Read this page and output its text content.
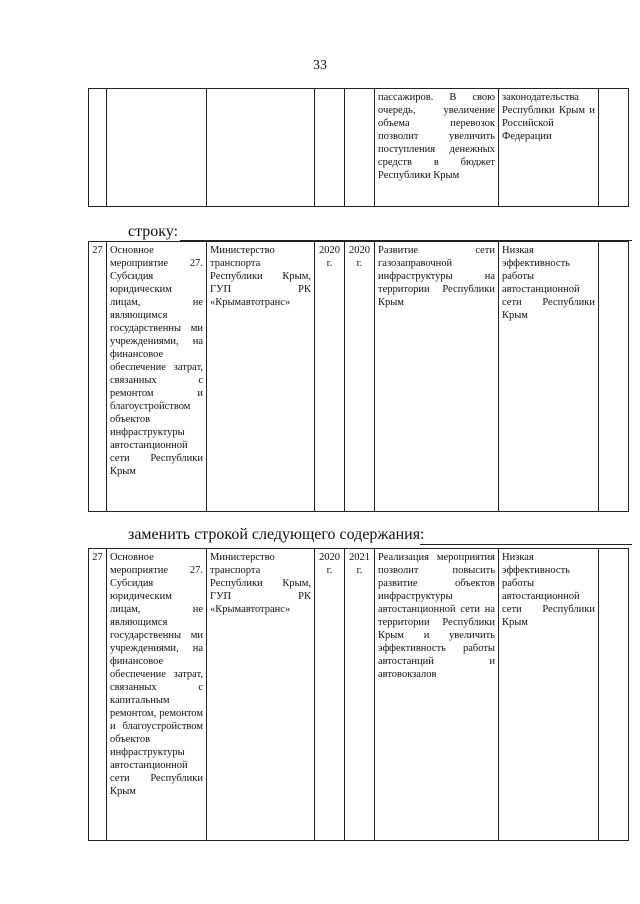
33
					пассажиров. В свою очередь, увеличение объема перевозок позволит увеличить поступления денежных средств в бюджет Республики Крым	законодательства Республики Крым и Российской Федерации	
строку:
27	Основное мероприятие 27. Субсидия юридическим лицам, не являющимся государственны ми учреждениями, на финансовое обеспечение затрат, связанных с ремонтом и благоустройством объектов инфраструктуры автостанционной сети Республики Крым	Министерство транспорта Республики Крым, ГУП РК «Крымавтотранс»	2020 г.	2020 г.	Развитие сети газозаправочной инфраструктуры на территории Республики Крым	Низкая эффективность работы автостанционной сети Республики Крым	
заменить строкой следующего содержания:
27	Основное мероприятие 27. Субсидия юридическим лицам, не являющимся государственны ми учреждениями, на финансовое обеспечение затрат, связанных с капитальным ремонтом, ремонтом и благоустройством объектов инфраструктуры автостанционной сети Республики Крым	Министерство транспорта Республики Крым, ГУП РК «Крымавтотранс»	2020 г.	2021 г.	Реализация мероприятия позволит повысить развитие объектов инфраструктуры автостанционной сети на территории Республики Крым и увеличить эффективность работы автостанций и автовокзалов	Низкая эффективность работы автостанционной сети Республики Крым	
